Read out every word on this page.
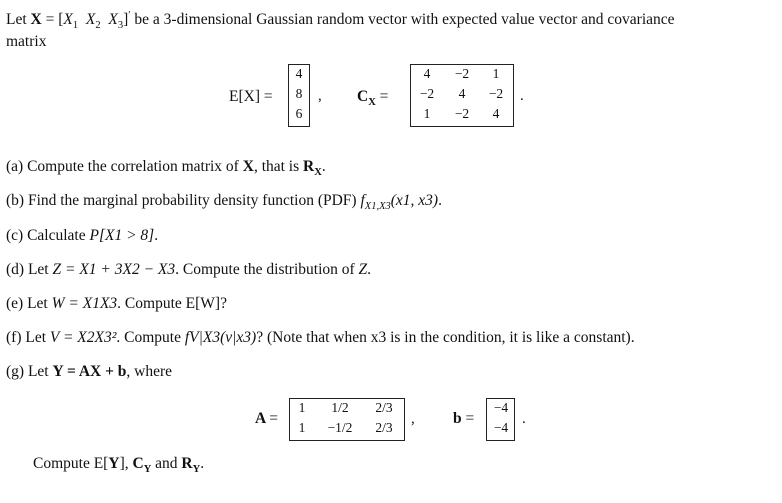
Let $X = [X_1$ $X_2$ $X_3]'$ be a 3-dimensional Gaussian random vector with expected value vector and covariance
matrix
E[X] =
4
8
6
, $C_X$ =
4	−2	1
−2	4	−2
1	−2	4
.
(a) Compute the correlation matrix of X, that is $R_X$.
(b) Find the marginal probability density function (PDF) $f_{X1,X3}(x1$, x3).
(c) Calculate P[X1 > 8].
(d) Let Z = X1 + 3X2 − X3. Compute the distribution of Z.
(e) Let W = X1X3. Compute E[W]?
(f) Let V = X2X3². Compute fV|X3(v|x3)? (Note that when x3 is in the condition, it is like a constant).
(g) Let Y = AX + b, where
A =
1	1/2	2/3
1	−1/2	2/3
, b =
−4
−4
.
Compute E[Y], $C_Y$ and $R_Y$.
